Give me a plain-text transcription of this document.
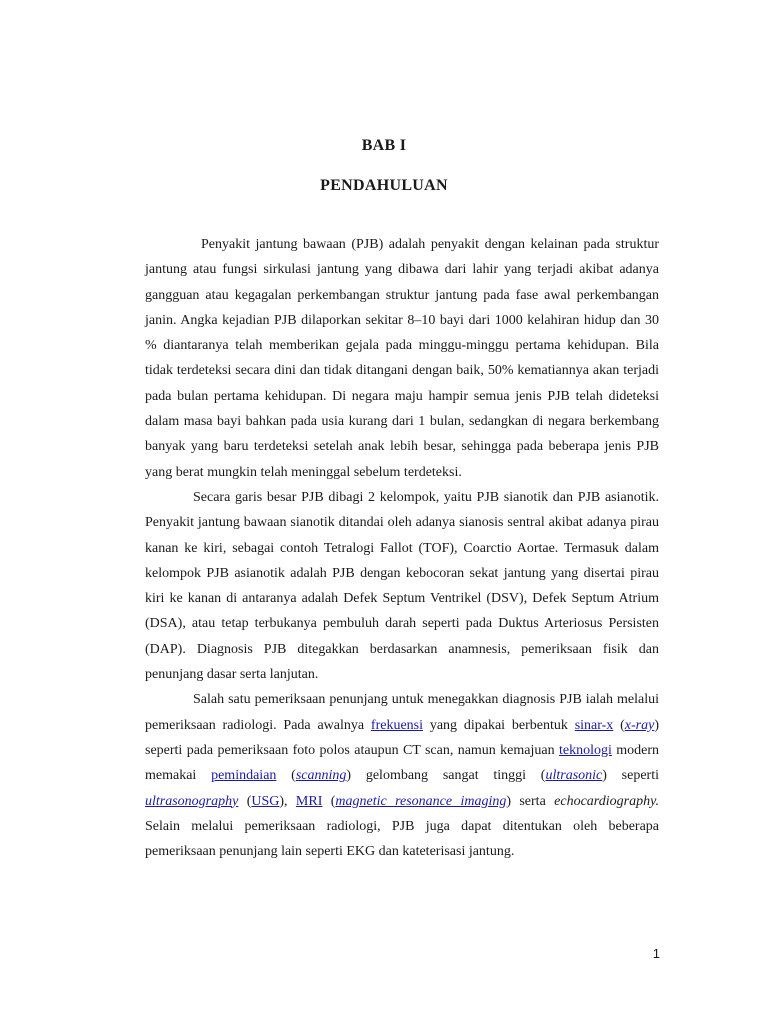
BAB I
PENDAHULUAN

Penyakit jantung bawaan (PJB) adalah penyakit dengan kelainan pada struktur jantung atau fungsi sirkulasi jantung yang dibawa dari lahir yang terjadi akibat adanya gangguan atau kegagalan perkembangan struktur jantung pada fase awal perkembangan janin. Angka kejadian PJB dilaporkan sekitar 8–10 bayi dari 1000 kelahiran hidup dan 30 % diantaranya telah memberikan gejala pada minggu-minggu pertama kehidupan. Bila tidak terdeteksi secara dini dan tidak ditangani dengan baik, 50% kematiannya akan terjadi pada bulan pertama kehidupan. Di negara maju hampir semua jenis PJB telah dideteksi dalam masa bayi bahkan pada usia kurang dari 1 bulan, sedangkan di negara berkembang banyak yang baru terdeteksi setelah anak lebih besar, sehingga pada beberapa jenis PJB yang berat mungkin telah meninggal sebelum terdeteksi.

Secara garis besar PJB dibagi 2 kelompok, yaitu PJB sianotik dan PJB asianotik. Penyakit jantung bawaan sianotik ditandai oleh adanya sianosis sentral akibat adanya pirau kanan ke kiri, sebagai contoh Tetralogi Fallot (TOF), Coarctio Aortae. Termasuk dalam kelompok PJB asianotik adalah PJB dengan kebocoran sekat jantung yang disertai pirau kiri ke kanan di antaranya adalah Defek Septum Ventrikel (DSV), Defek Septum Atrium (DSA), atau tetap terbukanya pembuluh darah seperti pada Duktus Arteriosus Persisten (DAP). Diagnosis PJB ditegakkan berdasarkan anamnesis, pemeriksaan fisik dan penunjang dasar serta lanjutan.

Salah satu pemeriksaan penunjang untuk menegakkan diagnosis PJB ialah melalui pemeriksaan radiologi. Pada awalnya frekuensi yang dipakai berbentuk sinar-x (x-ray) seperti pada pemeriksaan foto polos ataupun CT scan, namun kemajuan teknologi modern memakai pemindaian (scanning) gelombang sangat tinggi (ultrasonic) seperti ultrasonography (USG), MRI (magnetic resonance imaging) serta echocardiography. Selain melalui pemeriksaan radiologi, PJB juga dapat ditentukan oleh beberapa pemeriksaan penunjang lain seperti EKG dan kateterisasi jantung.

1
